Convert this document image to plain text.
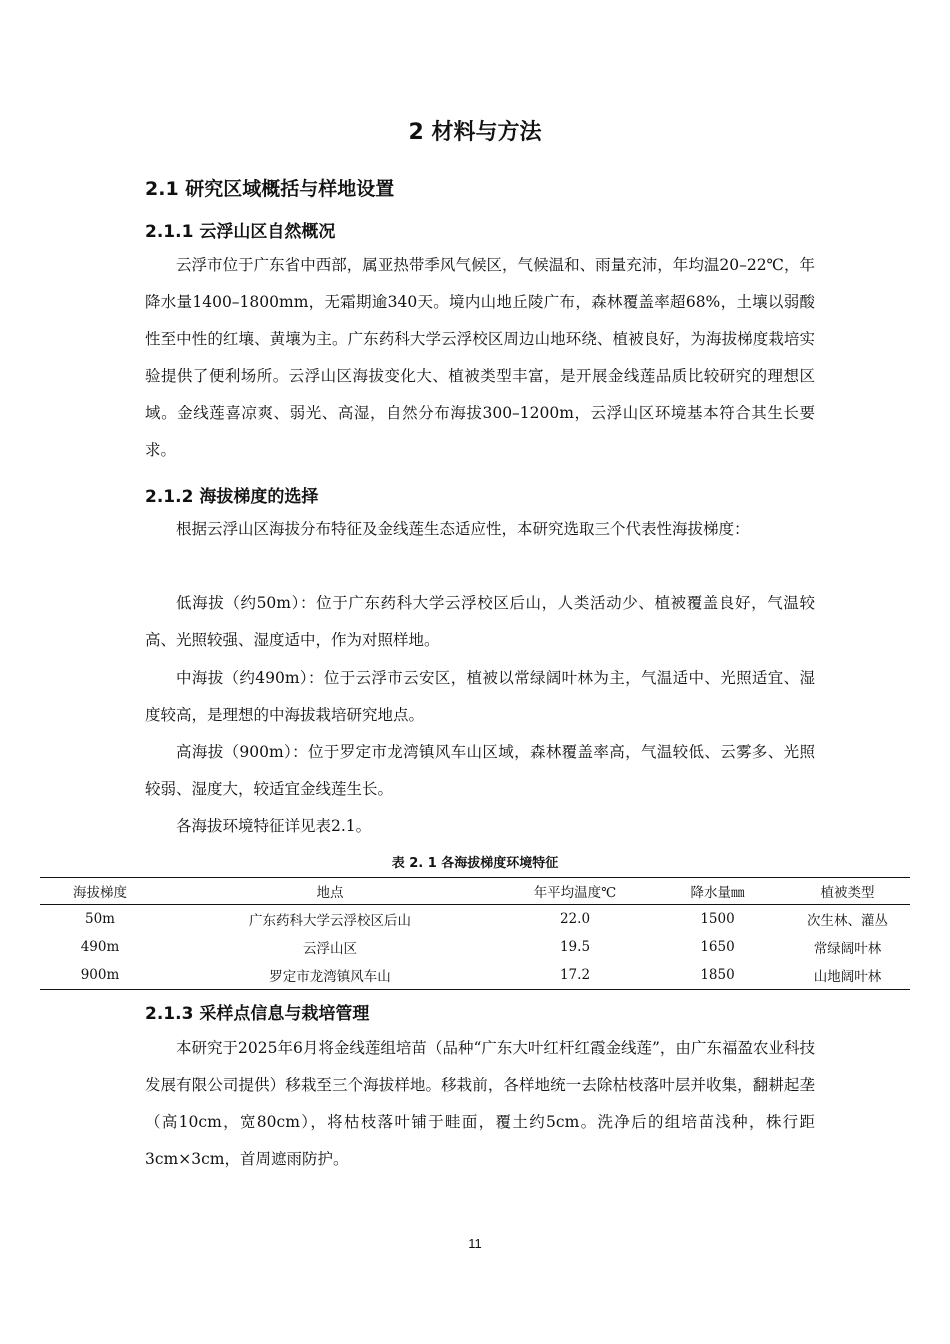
2 材料与方法
2.1 研究区域概括与样地设置
2.1.1 云浮山区自然概况

云浮市位于广东省中西部，属亚热带季风气候区，气候温和、雨量充沛，年均温20–22℃，年降水量1400–1800mm，无霜期逾340天。境内山地丘陵广布，森林覆盖率超68%，土壤以弱酸性至中性的红壤、黄壤为主。广东药科大学云浮校区周边山地环绕、植被良好，为海拔梯度栽培实验提供了便利场所。云浮山区海拔变化大、植被类型丰富，是开展金线莲品质比较研究的理想区域。金线莲喜凉爽、弱光、高湿，自然分布海拔300–1200m，云浮山区环境基本符合其生长要求。

2.1.2 海拔梯度的选择

根据云浮山区海拔分布特征及金线莲生态适应性，本研究选取三个代表性海拔梯度：

低海拔（约50m）：位于广东药科大学云浮校区后山，人类活动少、植被覆盖良好，气温较高、光照较强、湿度适中，作为对照样地。

中海拔（约490m）：位于云浮市云安区，植被以常绿阔叶林为主，气温适中、光照适宜、湿度较高，是理想的中海拔栽培研究地点。

高海拔（900m）：位于罗定市龙湾镇风车山区域，森林覆盖率高，气温较低、云雾多、光照较弱、湿度大，较适宜金线莲生长。

各海拔环境特征详见表2.1。

表 2. 1 各海拔梯度环境特征
海拔梯度	地点	年平均温度℃	降水量㎜	植被类型
50m	广东药科大学云浮校区后山	22.0	1500	次生林、灌丛
490m	云浮山区	19.5	1650	常绿阔叶林
900m	罗定市龙湾镇风车山	17.2	1850	山地阔叶林
2.1.3 采样点信息与栽培管理

本研究于2025年6月将金线莲组培苗（品种“广东大叶红杆红霞金线莲”，由广东福盈农业科技发展有限公司提供）移栽至三个海拔样地。移栽前，各样地统一去除枯枝落叶层并收集，翻耕起垄（高10cm，宽80cm），将枯枝落叶铺于畦面，覆土约5cm。洗净后的组培苗浅种，株行距3cm×3cm，首周遮雨防护。

11
